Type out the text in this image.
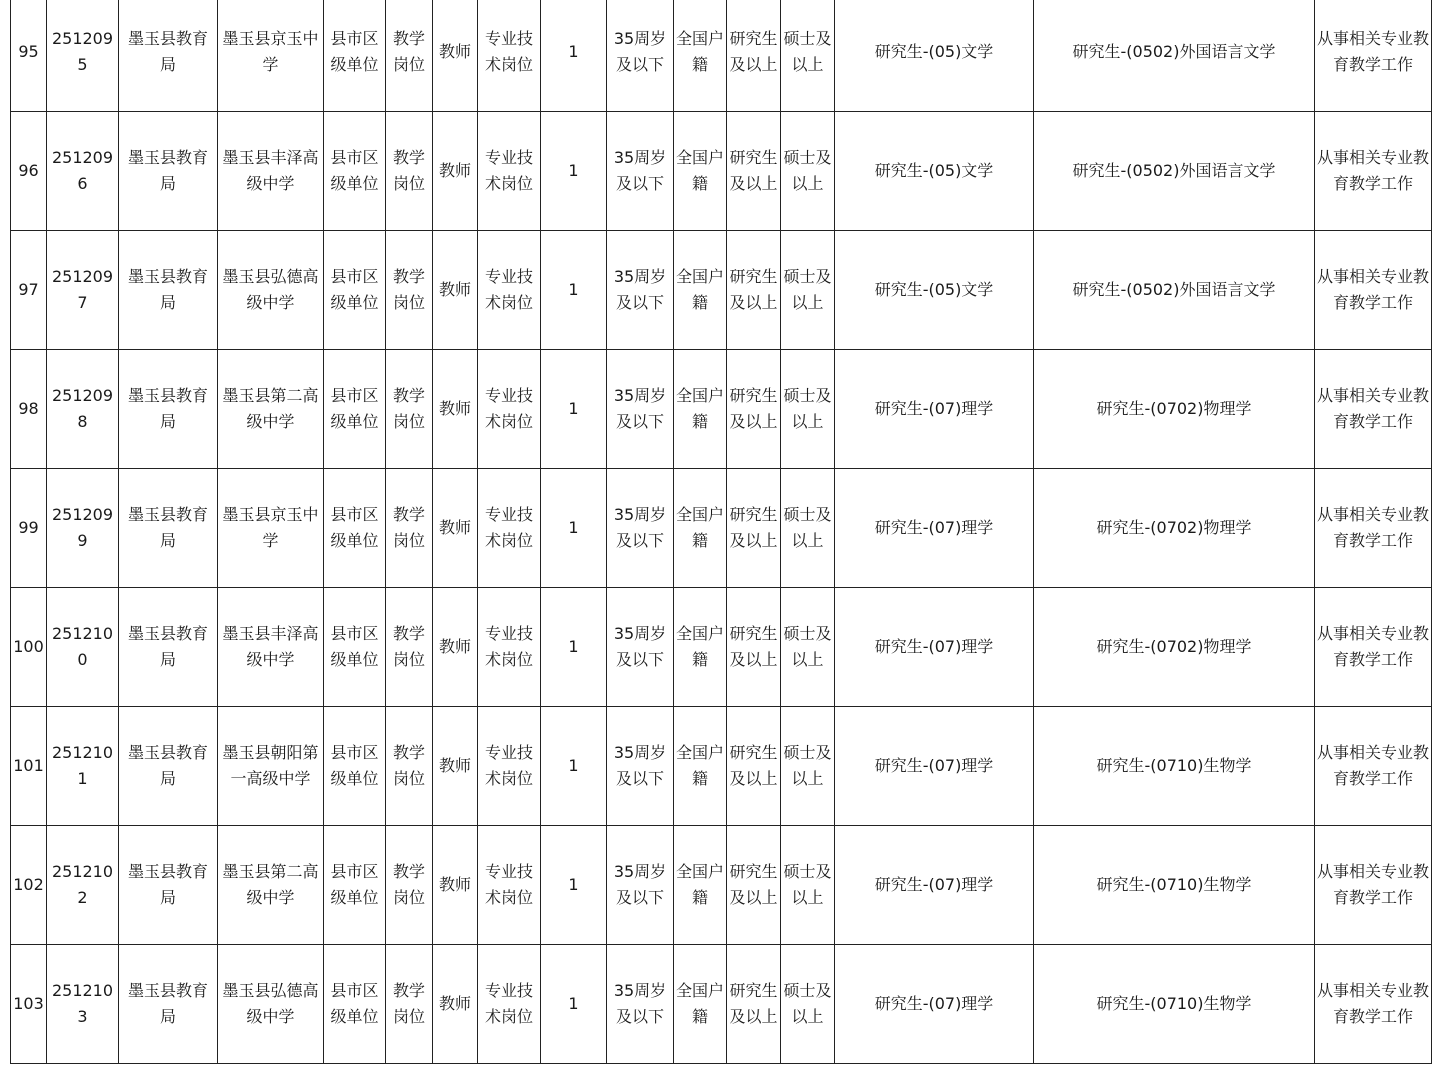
95	2512095	墨玉县教育局	墨玉县京玉中学	县市区级单位	教学岗位	教师	专业技术岗位	1	35周岁及以下	全国户籍	研究生及以上	硕士及以上	研究生-(05)文学	研究生-(0502)外国语言文学	从事相关专业教育教学工作
96	2512096	墨玉县教育局	墨玉县丰泽高级中学	县市区级单位	教学岗位	教师	专业技术岗位	1	35周岁及以下	全国户籍	研究生及以上	硕士及以上	研究生-(05)文学	研究生-(0502)外国语言文学	从事相关专业教育教学工作
97	2512097	墨玉县教育局	墨玉县弘德高级中学	县市区级单位	教学岗位	教师	专业技术岗位	1	35周岁及以下	全国户籍	研究生及以上	硕士及以上	研究生-(05)文学	研究生-(0502)外国语言文学	从事相关专业教育教学工作
98	2512098	墨玉县教育局	墨玉县第二高级中学	县市区级单位	教学岗位	教师	专业技术岗位	1	35周岁及以下	全国户籍	研究生及以上	硕士及以上	研究生-(07)理学	研究生-(0702)物理学	从事相关专业教育教学工作
99	2512099	墨玉县教育局	墨玉县京玉中学	县市区级单位	教学岗位	教师	专业技术岗位	1	35周岁及以下	全国户籍	研究生及以上	硕士及以上	研究生-(07)理学	研究生-(0702)物理学	从事相关专业教育教学工作
100	2512100	墨玉县教育局	墨玉县丰泽高级中学	县市区级单位	教学岗位	教师	专业技术岗位	1	35周岁及以下	全国户籍	研究生及以上	硕士及以上	研究生-(07)理学	研究生-(0702)物理学	从事相关专业教育教学工作
101	2512101	墨玉县教育局	墨玉县朝阳第一高级中学	县市区级单位	教学岗位	教师	专业技术岗位	1	35周岁及以下	全国户籍	研究生及以上	硕士及以上	研究生-(07)理学	研究生-(0710)生物学	从事相关专业教育教学工作
102	2512102	墨玉县教育局	墨玉县第二高级中学	县市区级单位	教学岗位	教师	专业技术岗位	1	35周岁及以下	全国户籍	研究生及以上	硕士及以上	研究生-(07)理学	研究生-(0710)生物学	从事相关专业教育教学工作
103	2512103	墨玉县教育局	墨玉县弘德高级中学	县市区级单位	教学岗位	教师	专业技术岗位	1	35周岁及以下	全国户籍	研究生及以上	硕士及以上	研究生-(07)理学	研究生-(0710)生物学	从事相关专业教育教学工作
